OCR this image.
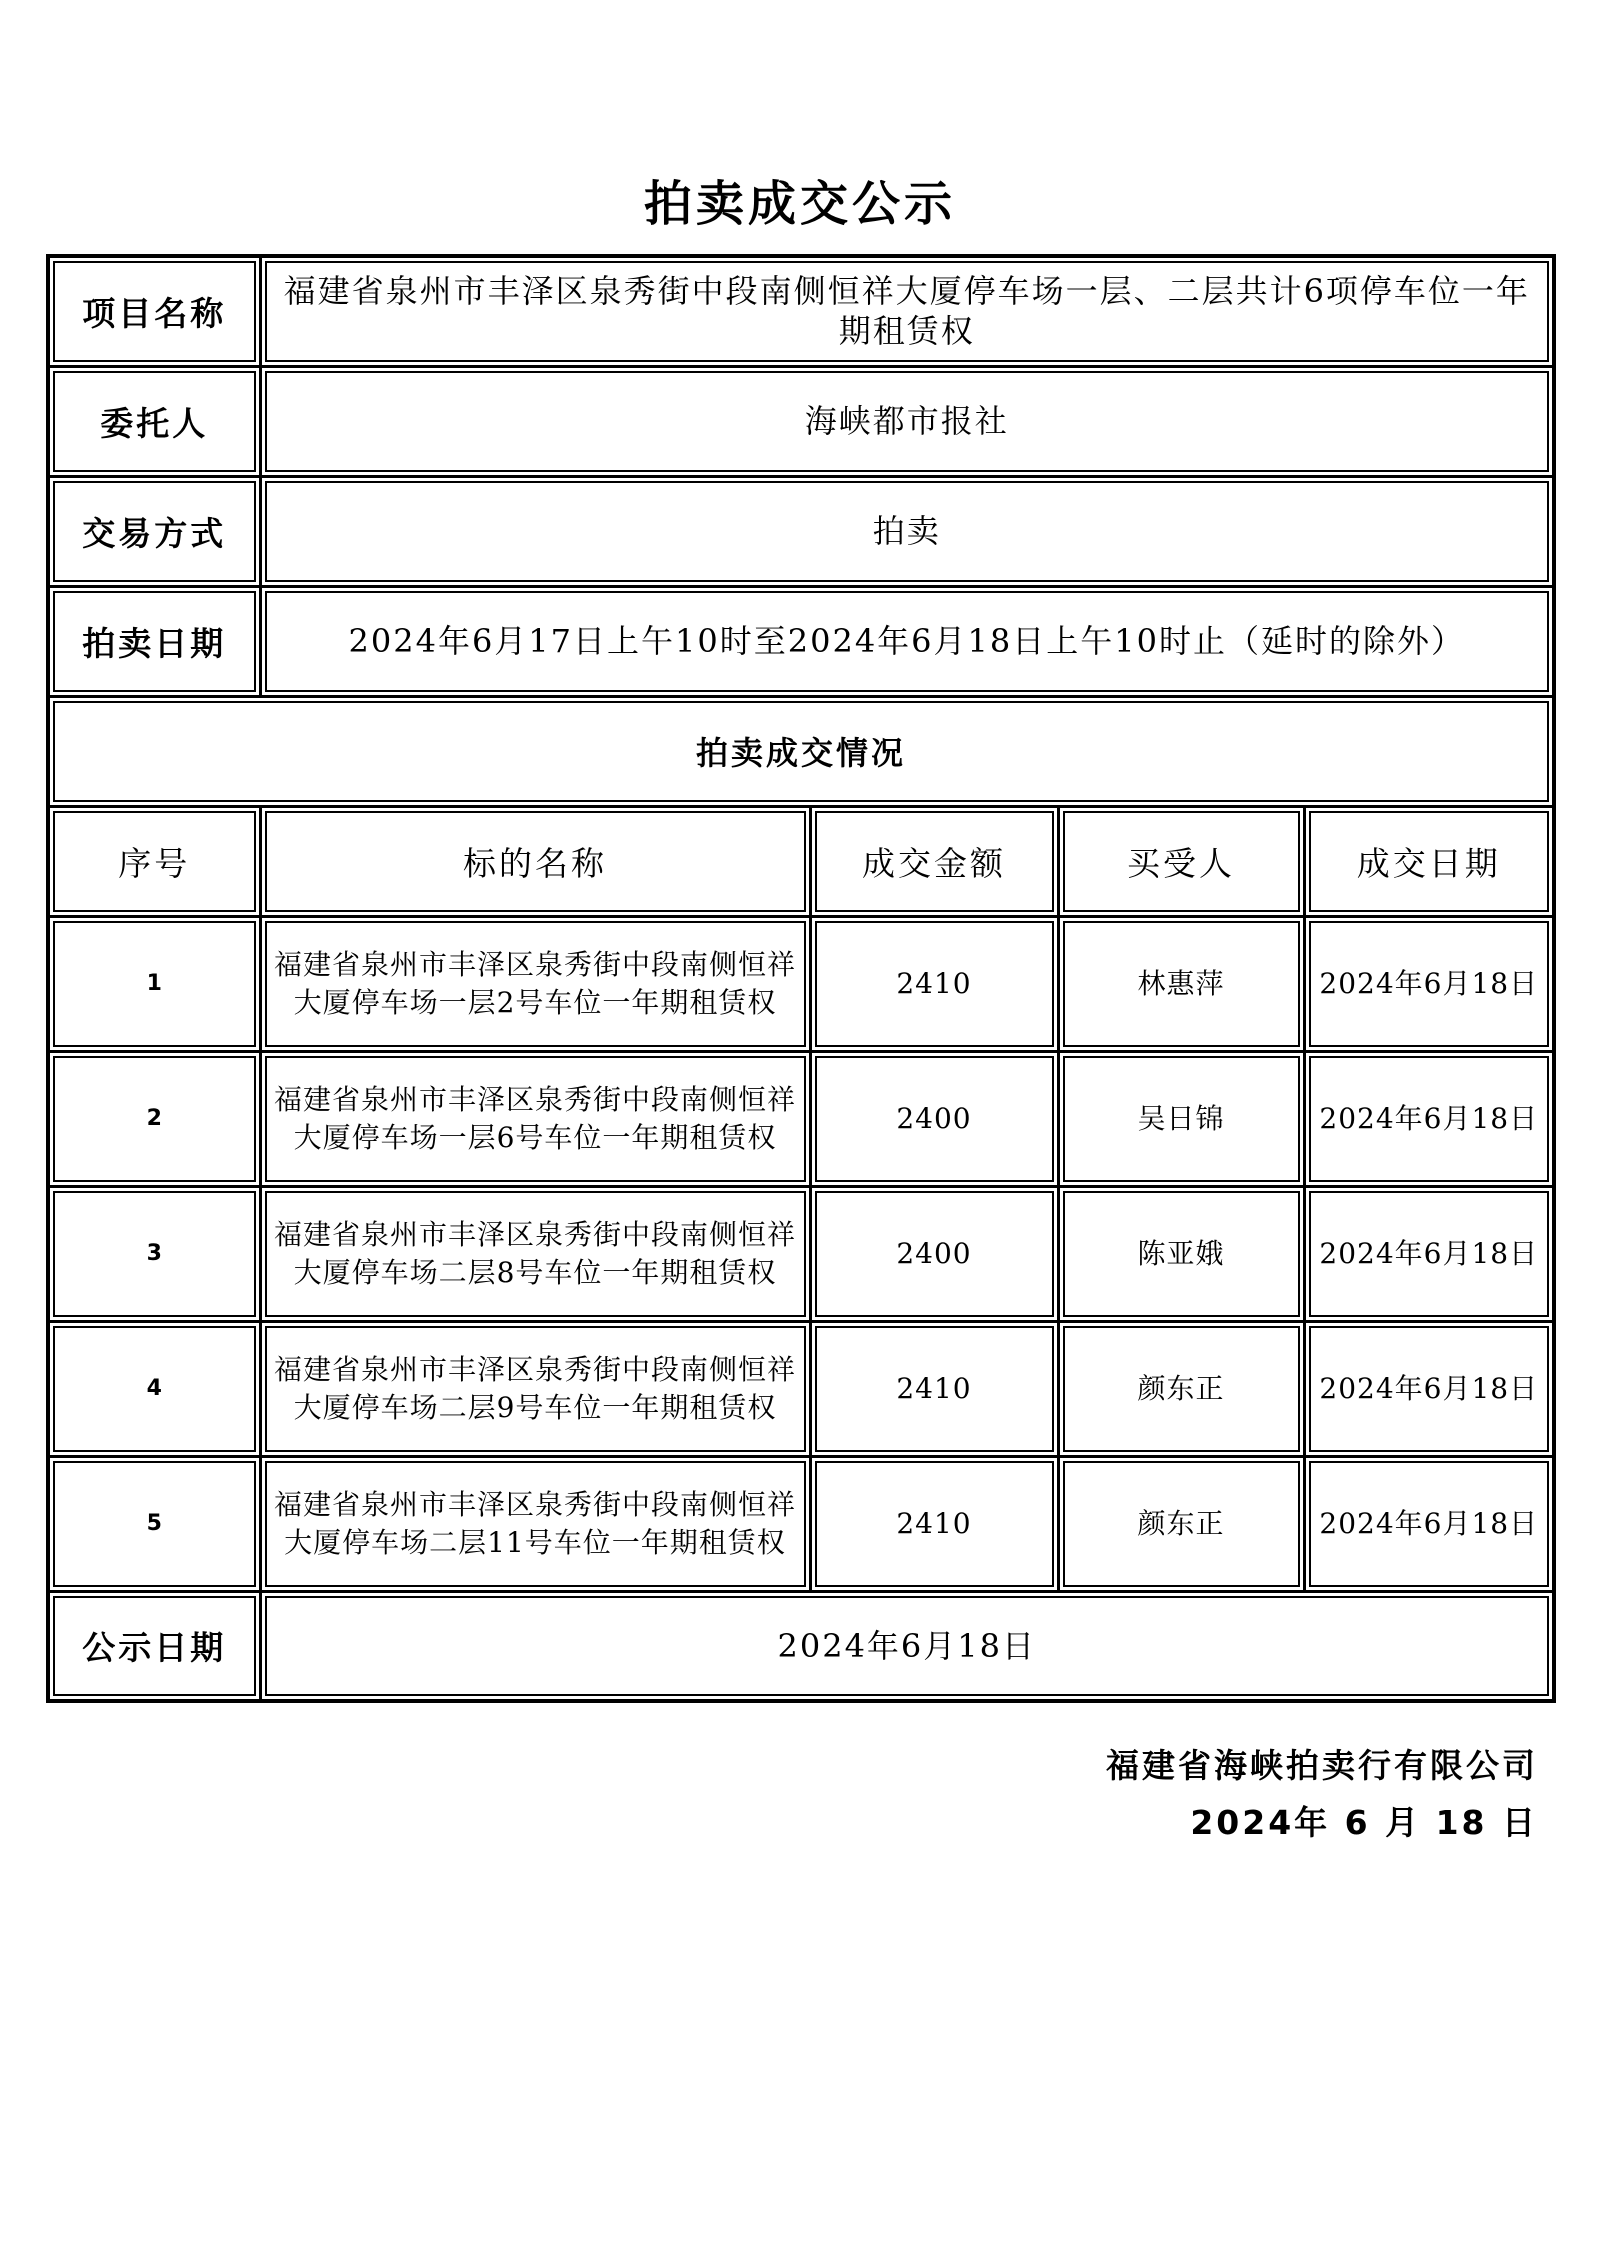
拍卖成交公示
项目名称	福建省泉州市丰泽区泉秀街中段南侧恒祥大厦停车场一层、二层共计6项停车位一年期租赁权			
委托人	海峡都市报社			
交易方式	拍卖			
拍卖日期	2024年6月17日上午10时至2024年6月18日上午10时止（延时的除外）			
拍卖成交情况				
序号	标的名称	成交金额	买受人	成交日期
1	福建省泉州市丰泽区泉秀街中段南侧恒祥大厦停车场一层2号车位一年期租赁权	2410	林惠萍	2024年6月18日
2	福建省泉州市丰泽区泉秀街中段南侧恒祥大厦停车场一层6号车位一年期租赁权	2400	吴日锦	2024年6月18日
3	福建省泉州市丰泽区泉秀街中段南侧恒祥大厦停车场二层8号车位一年期租赁权	2400	陈亚娥	2024年6月18日
4	福建省泉州市丰泽区泉秀街中段南侧恒祥大厦停车场二层9号车位一年期租赁权	2410	颜东正	2024年6月18日
5	福建省泉州市丰泽区泉秀街中段南侧恒祥大厦停车场二层11号车位一年期租赁权	2410	颜东正	2024年6月18日
公示日期	2024年6月18日			
福建省海峡拍卖行有限公司
2024年 6 月 18 日
